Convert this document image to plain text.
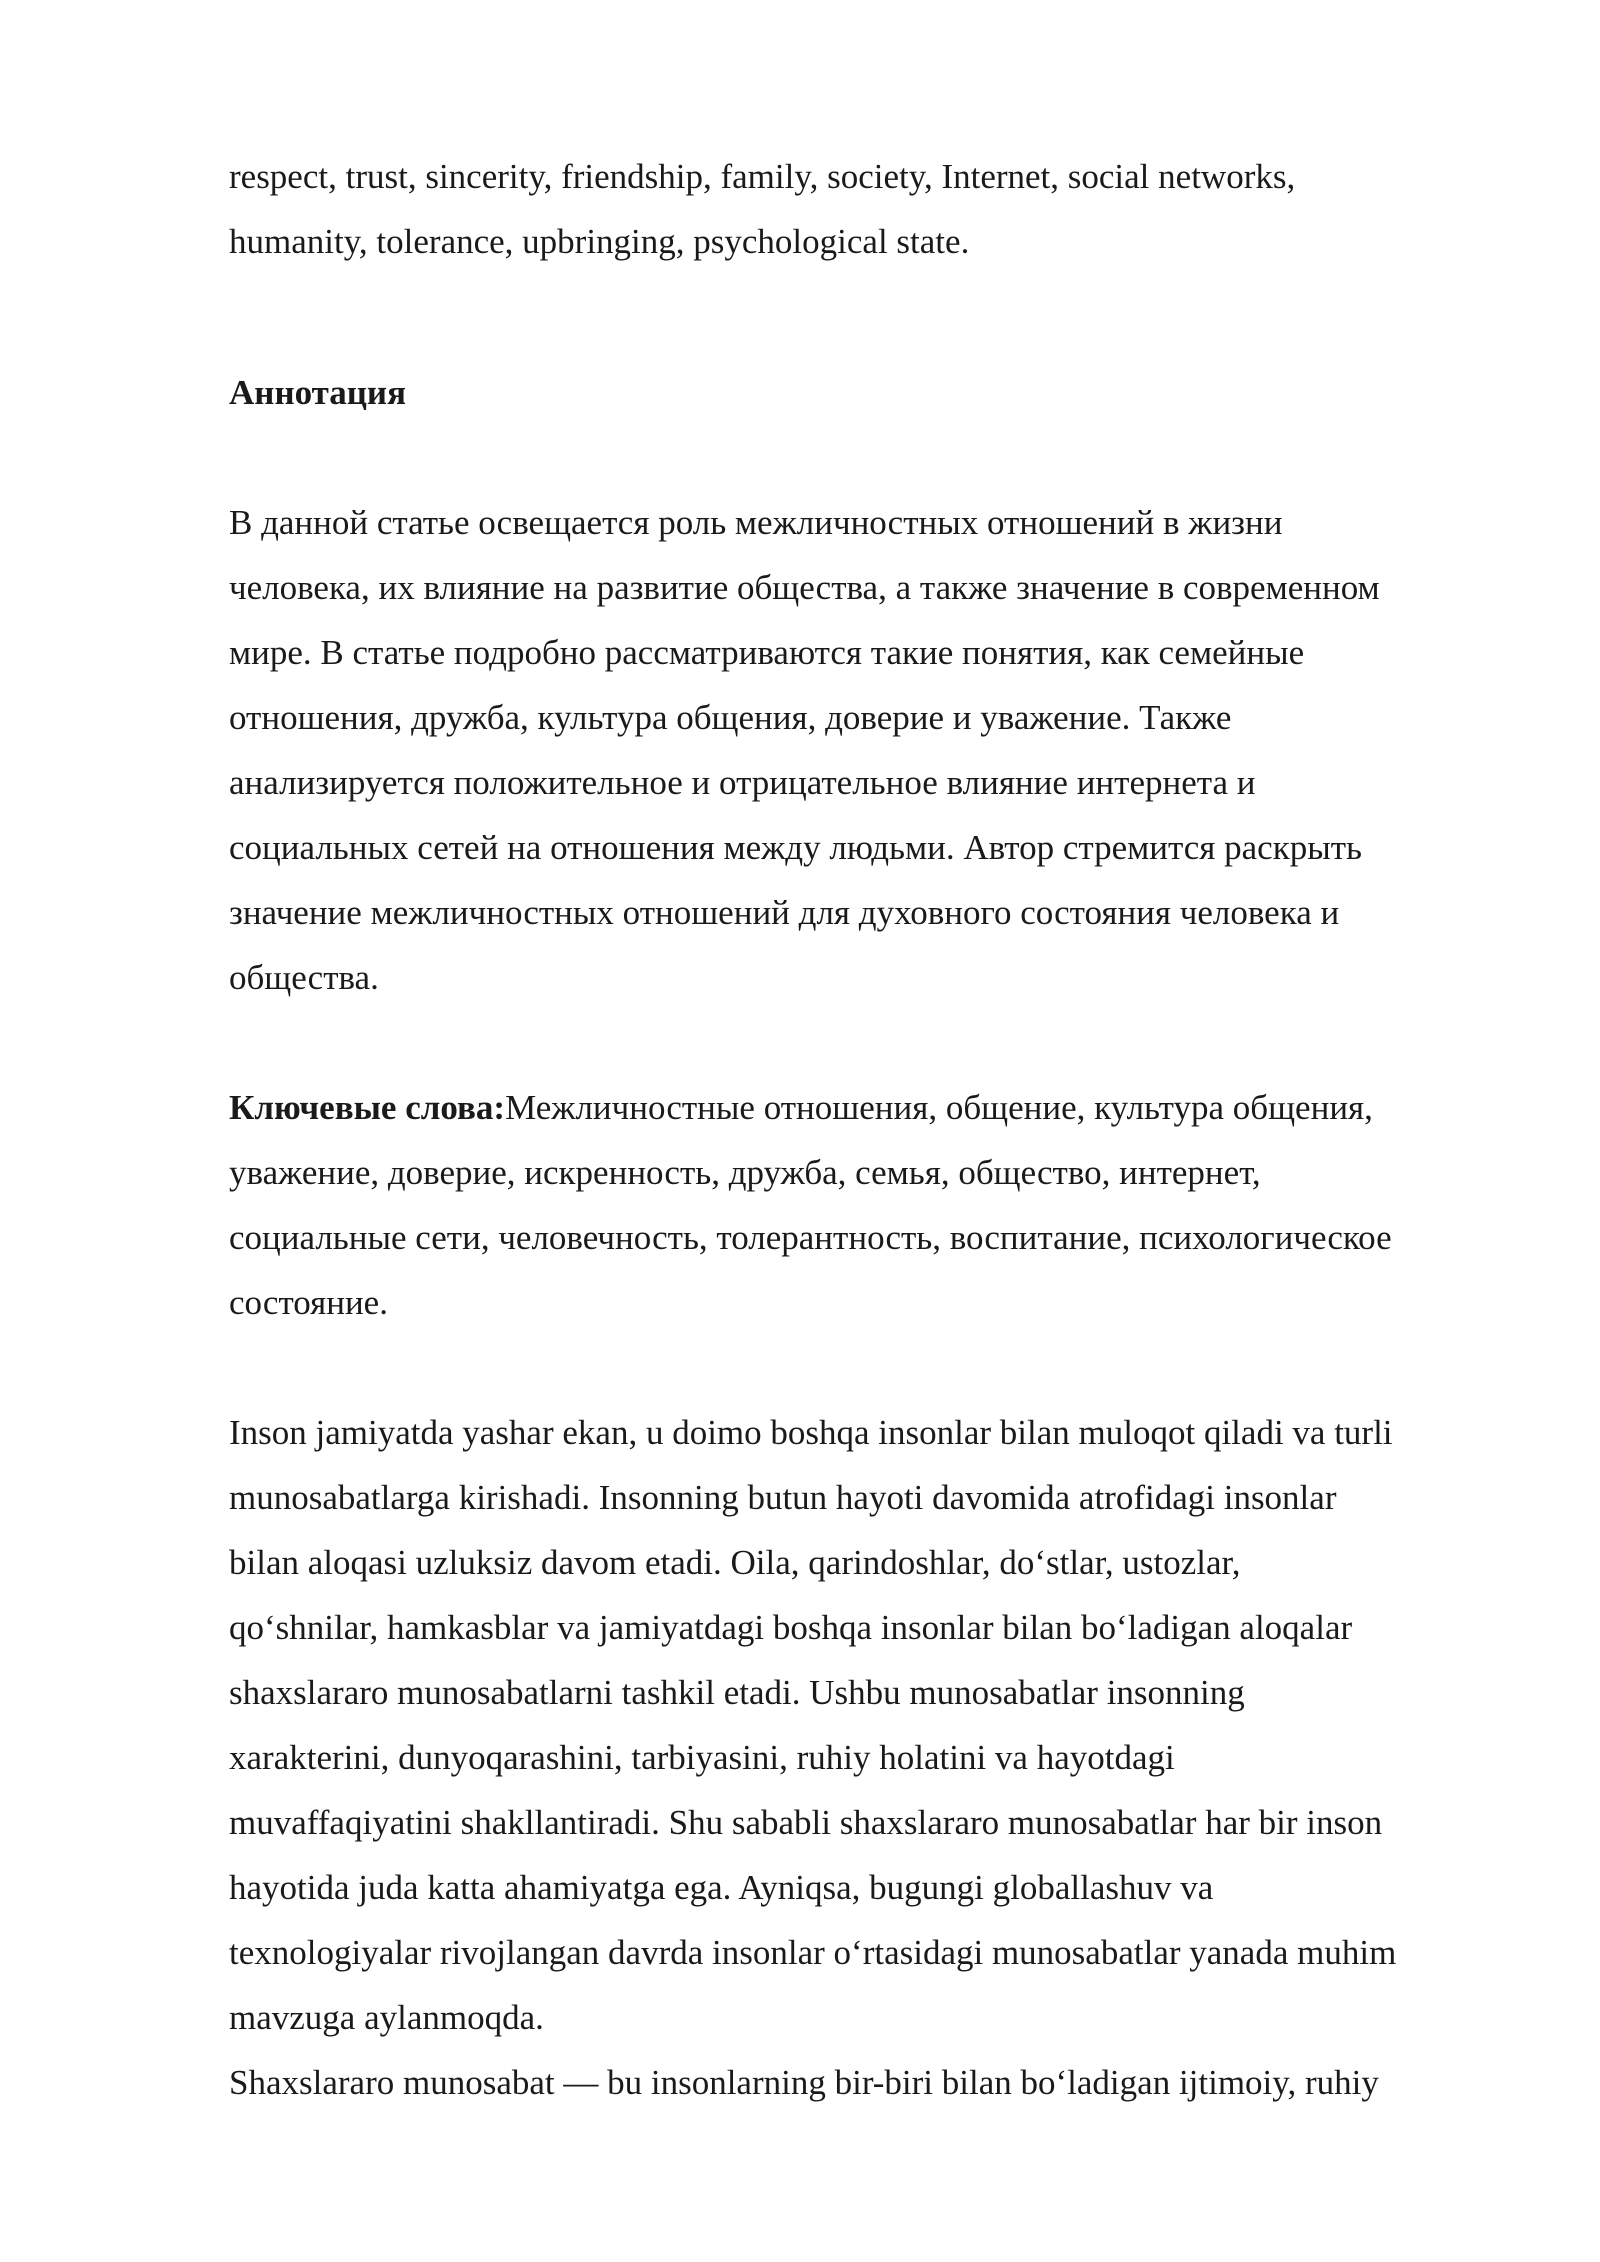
respect, trust, sincerity, friendship, family, society, Internet, social networks,
humanity, tolerance, upbringing, psychological state.
Аннотация
В данной статье освещается роль межличностных отношений в жизни
человека, их влияние на развитие общества, а также значение в современном
мире. В статье подробно рассматриваются такие понятия, как семейные
отношения, дружба, культура общения, доверие и уважение. Также
анализируется положительное и отрицательное влияние интернета и
социальных сетей на отношения между людьми. Автор стремится раскрыть
значение межличностных отношений для духовного состояния человека и
общества.
Ключевые слова:Межличностные отношения, общение, культура общения,
уважение, доверие, искренность, дружба, семья, общество, интернет,
социальные сети, человечность, толерантность, воспитание, психологическое
состояние.
Inson jamiyatda yashar ekan, u doimo boshqa insonlar bilan muloqot qiladi va turli
munosabatlarga kirishadi. Insonning butun hayoti davomida atrofidagi insonlar
bilan aloqasi uzluksiz davom etadi. Oila, qarindoshlar, do‘stlar, ustozlar,
qo‘shnilar, hamkasblar va jamiyatdagi boshqa insonlar bilan bo‘ladigan aloqalar
shaxslararo munosabatlarni tashkil etadi. Ushbu munosabatlar insonning
xarakterini, dunyoqarashini, tarbiyasini, ruhiy holatini va hayotdagi
muvaffaqiyatini shakllantiradi. Shu sababli shaxslararo munosabatlar har bir inson
hayotida juda katta ahamiyatga ega. Ayniqsa, bugungi globallashuv va
texnologiyalar rivojlangan davrda insonlar o‘rtasidagi munosabatlar yanada muhim
mavzuga aylanmoqda.
Shaxslararo munosabat — bu insonlarning bir-biri bilan bo‘ladigan ijtimoiy, ruhiy
